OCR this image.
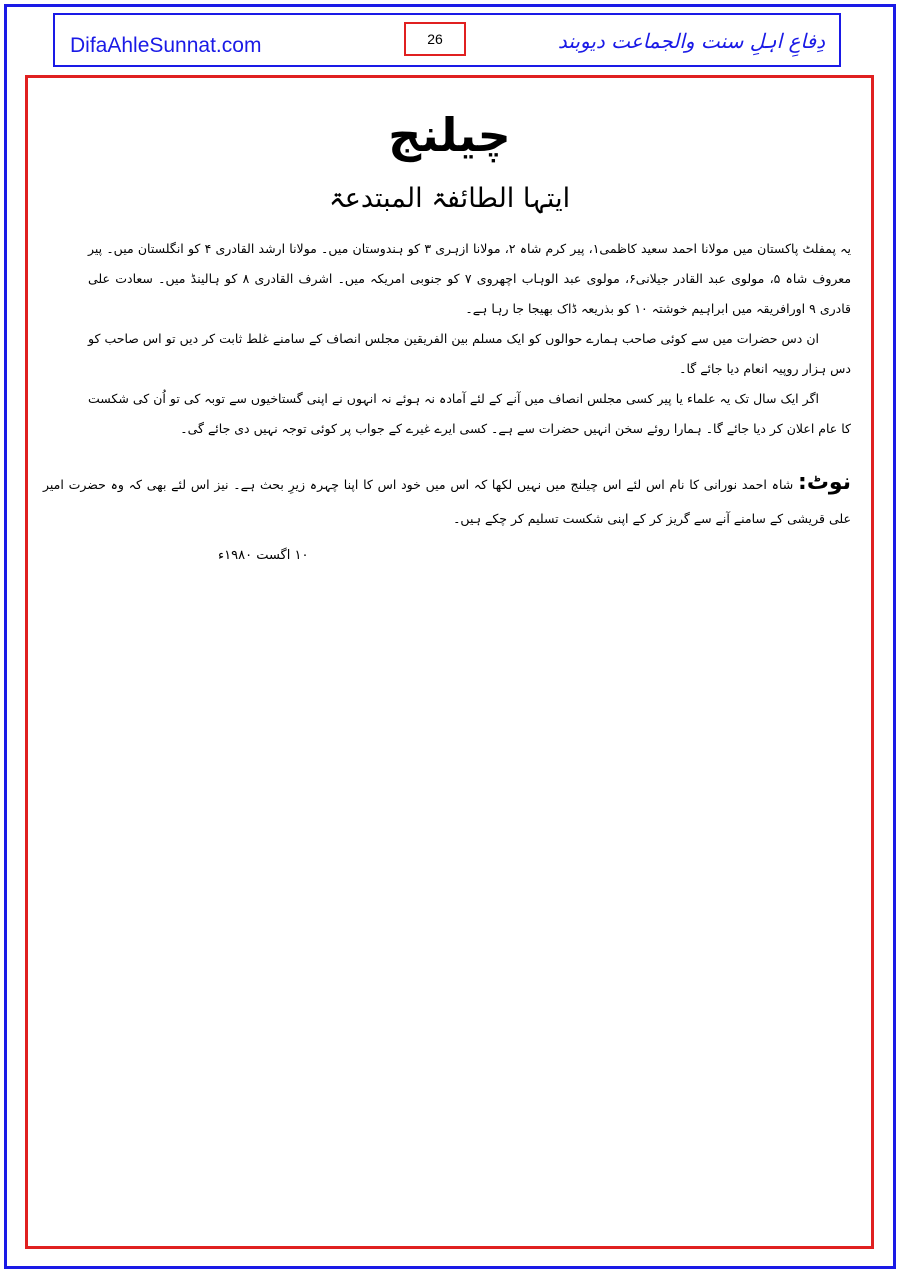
DifaAhleSunnat.com	26	دِفاعِ اہلِ سنت والجماعت دیوبند
چیلنج
ایتہا الطائفۃ المبتدعۃ

یہ پمفلٹ پاکستان میں مولانا احمد سعید کاظمی۱، پیر کرم شاہ ۲، مولانا ازہری ۳ کو ہندوستان میں۔ مولانا ارشد القادری ۴ کو انگلستان میں۔ پیر معروف شاہ ۵، مولوی عبد القادر جیلانی۶، مولوی عبد الوہاب اچھروی ۷ کو جنوبی امریکہ میں۔ اشرف القادری ۸ کو ہالینڈ میں۔ سعادت علی قادری ۹ اورافریقہ میں ابراہیم خوشتہ ۱۰ کو بذریعہ ڈاک بھیجا جا رہا ہے۔

ان دس حضرات میں سے کوئی صاحب ہمارے حوالوں کو ایک مسلم بین الفریقین مجلس انصاف کے سامنے غلط ثابت کر دیں تو اس صاحب کو دس ہزار روپیہ انعام دیا جائے گا۔

اگر ایک سال تک یہ علماء یا پیر کسی مجلس انصاف میں آنے کے لئے آمادہ نہ ہوئے نہ انہوں نے اپنی گستاخیوں سے توبہ کی تو اُن کی شکست کا عام اعلان کر دیا جائے گا۔ ہمارا روئے سخن انہیں حضرات سے ہے۔ کسی ایرے غیرے کے جواب پر کوئی توجہ نہیں دی جائے گی۔

نوٹ: شاہ احمد نورانی کا نام اس لئے اس چیلنج میں نہیں لکھا کہ اس میں خود اس کا اپنا چہرہ زیرِ بحث ہے۔ نیز اس لئے بھی کہ وہ حضرت امیر علی قریشی کے سامنے آنے سے گریز کر کے اپنی شکست تسلیم کر چکے ہیں۔
۱۰ اگست ۱۹۸۰ء
